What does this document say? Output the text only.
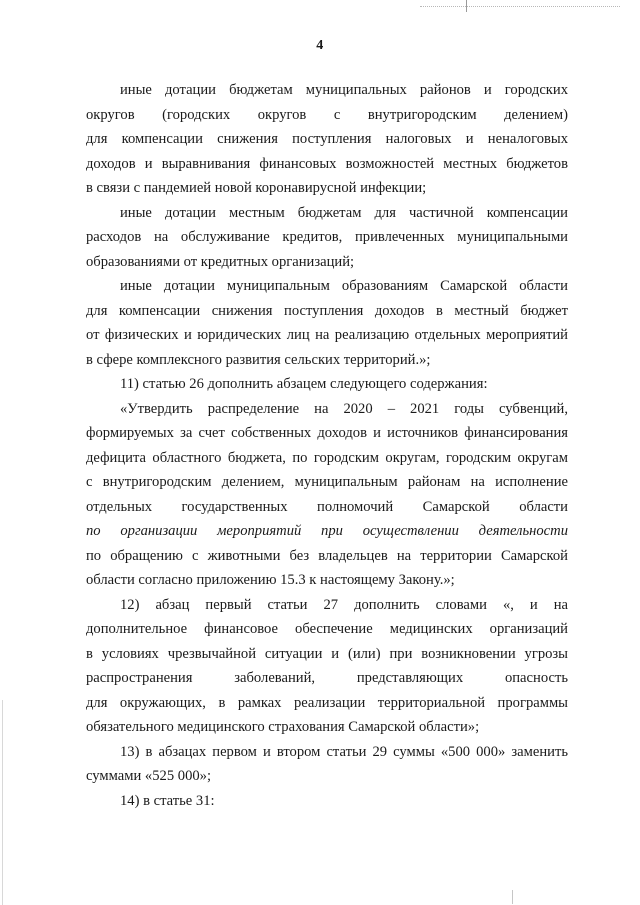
4

иные дотации бюджетам муниципальных районов и городских

округов (городских округов с внутригородским делением)

для компенсации снижения поступления налоговых и неналоговых

доходов и выравнивания финансовых возможностей местных бюджетов

в связи с пандемией новой коронавирусной инфекции;

иные дотации местным бюджетам для частичной компенсации

расходов на обслуживание кредитов, привлеченных муниципальными

образованиями от кредитных организаций;

иные дотации муниципальным образованиям Самарской области

для компенсации снижения поступления доходов в местный бюджет

от физических и юридических лиц на реализацию отдельных мероприятий

в сфере комплексного развития сельских территорий.»;

11) статью 26 дополнить абзацем следующего содержания:

«Утвердить распределение на 2020 – 2021 годы субвенций,

формируемых за счет собственных доходов и источников финансирования

дефицита областного бюджета, по городским округам, городским округам

с внутригородским делением, муниципальным районам на исполнение

отдельных государственных полномочий Самарской области

по организации мероприятий при осуществлении деятельности

по обращению с животными без владельцев на территории Самарской

области согласно приложению 15.3 к настоящему Закону.»;

12) абзац первый статьи 27 дополнить словами «, и на

дополнительное финансовое обеспечение медицинских организаций

в условиях чрезвычайной ситуации и (или) при возникновении угрозы

распространения заболеваний, представляющих опасность

для окружающих, в рамках реализации территориальной программы

обязательного медицинского страхования Самарской области»;

13) в абзацах первом и втором статьи 29 суммы «500 000» заменить

суммами «525 000»;

14) в статье 31:
